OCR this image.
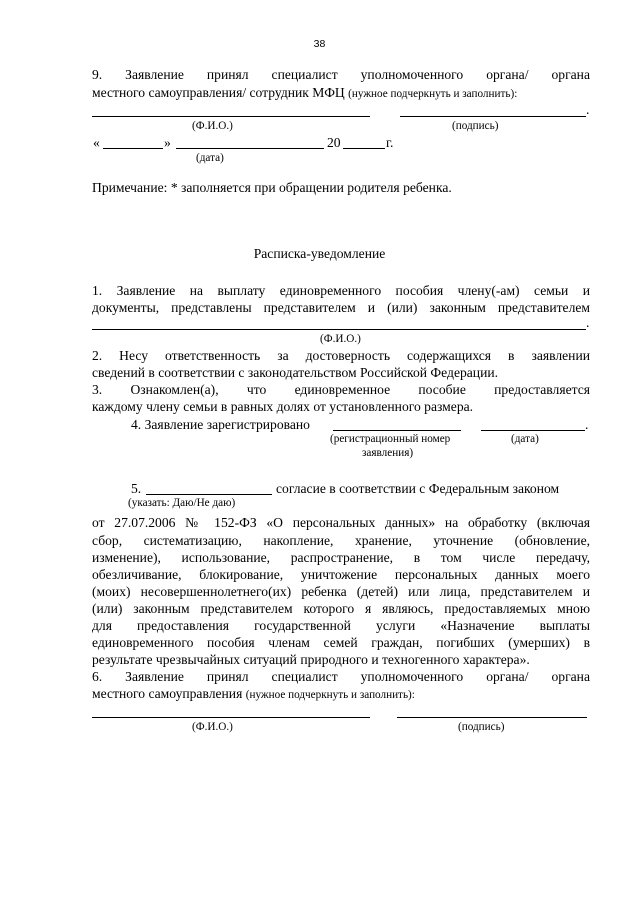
38
9. Заявление принял специалист уполномоченного органа/ органа
местного самоуправления/ сотрудник МФЦ (нужное подчеркнуть и заполнить):
.
(Ф.И.О.)	(подпись)
«	»	20	г.
(дата)
Примечание: * заполняется при обращении родителя ребенка.
Расписка-уведомление
1. Заявление на выплату единовременного пособия члену(-ам) семьи и
документы, представлены представителем и (или) законным представителем
.
(Ф.И.О.)
2. Несу ответственность за достоверность содержащихся в заявлении
сведений в соответствии с законодательством Российской Федерации.
3. Ознакомлен(а), что единовременное пособие предоставляется
каждому члену семьи в равных долях от установленного размера.
4. Заявление зарегистрировано	.
(регистрационный номер
заявления)
(дата)
5.	согласие в соответствии с Федеральным законом
(указать: Даю/Не даю)
от 27.07.2006 № 152-ФЗ «О персональных данных» на обработку (включая
сбор, систематизацию, накопление, хранение, уточнение (обновление,
изменение), использование, распространение, в том числе передачу,
обезличивание, блокирование, уничтожение персональных данных моего
(моих) несовершеннолетнего(их) ребенка (детей) или лица, представителем и
(или) законным представителем которого я являюсь, предоставляемых мною
для предоставления государственной услуги «Назначение выплаты
единовременного пособия членам семей граждан, погибших (умерших) в
результате чрезвычайных ситуаций природного и техногенного характера».
6. Заявление принял специалист уполномоченного органа/ органа
местного самоуправления (нужное подчеркнуть и заполнить):
(Ф.И.О.)	(подпись)
